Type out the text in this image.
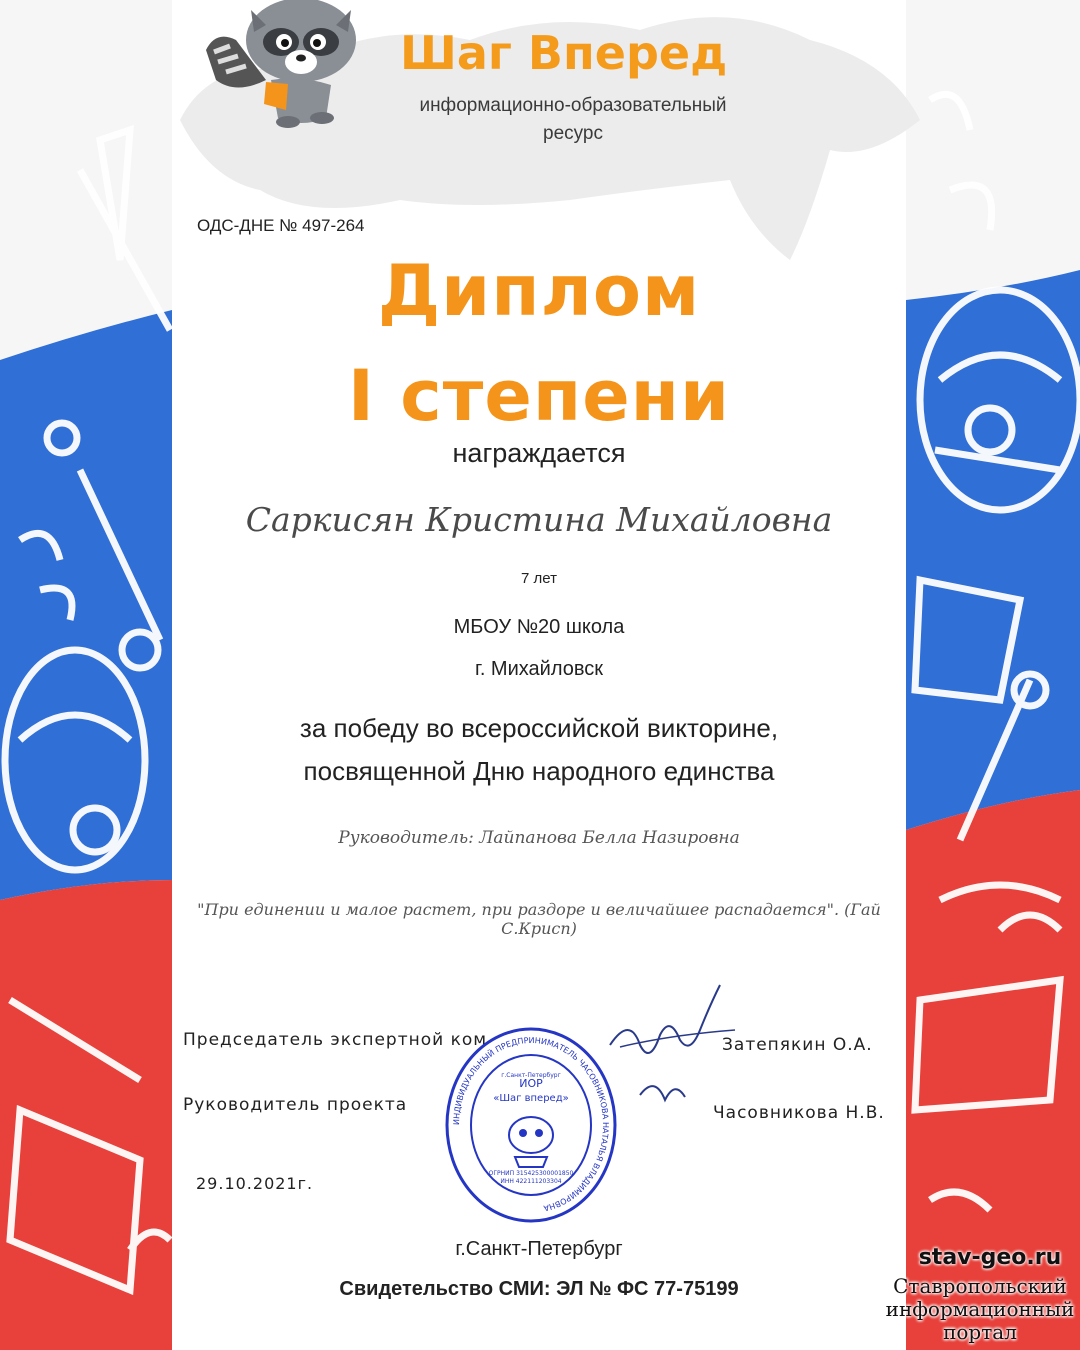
Шаг Вперед
информационно-образовательный
ресурс
ОДС-ДНЕ № 497-264
Диплом
I степени
награждается
Саркисян Кристина Михайловна
7 лет
МБОУ №20 школа
г. Михайловск
за победу во всероссийской викторине,
посвященной Дню народного единства
Руководитель: Лайпанова Белла Назировна
"При единении и малое растет, при раздоре и величайшее распадается". (Гай С.Крисп)
Председатель экспертной ком	Затепякин О.А.
Руководитель проекта	Часовникова Н.В.
29.10.2021г.
ИНДИВИДУАЛЬНЫЙ ПРЕДПРИНИМАТЕЛЬ ЧАСОВНИКОВА НАТАЛЬЯ ВЛАДИМИРОВНА
ИОР
«Шаг вперед»
г.Санкт-Петербург
ОГРНИП 315425300001850
ИНН 422111203304
г.Санкт-Петербург
Свидетельство СМИ: ЭЛ № ФС 77-75199
stav-geo.ru
Ставропольский
информационный
портал
